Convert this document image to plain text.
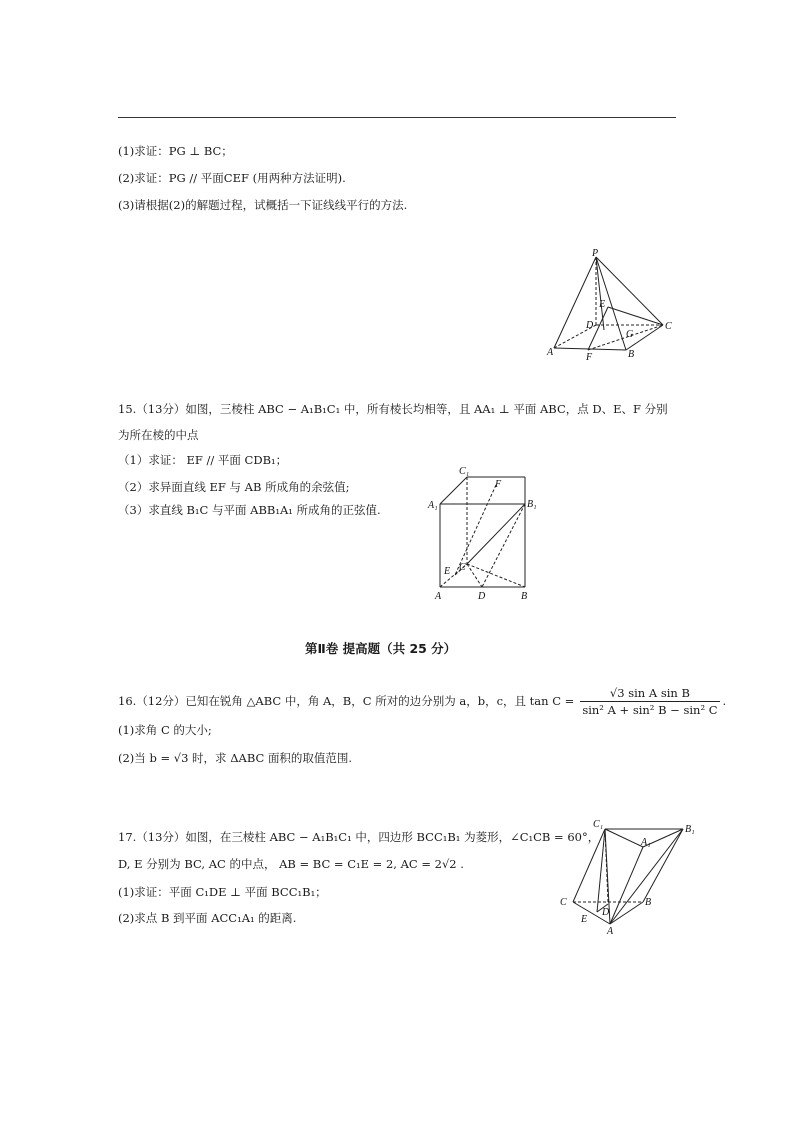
(1)求证：PG ⊥ BC；
(2)求证：PG // 平面CEF (用两种方法证明).
(3)请根据(2)的解题过程，试概括一下证线线平行的方法.
P
E
D
G
C
A	F	B
15.（13分）如图，三棱柱 ABC − A₁B₁C₁ 中，所有棱长均相等，且 AA₁ ⊥ 平面 ABC，点 D、E、F 分别
为所在棱的中点
（1）求证： EF // 平面 CDB₁；
（2）求异面直线 EF 与 AB 所成角的余弦值;
（3）求直线 B₁C 与平面 ABB₁A₁ 所成角的正弦值.
C₁
F
A₁	B₁
E C
A	D	B
第Ⅱ卷 提高题（共 25 分）
16.（12分）已知在锐角 △ABC 中，角 A，B，C 所对的边分别为 a，b，c，且 $\tan C = \frac{\text{√3 sin A sin B}}{\text{sin² A + sin² B − sin² C}}$ .
(1)求角 C 的大小;
(2)当 b = √3 时，求 ΔABC 面积的取值范围.
17.（13分）如图，在三棱柱 ABC − A₁B₁C₁ 中，四边形 BCC₁B₁ 为菱形，∠C₁CB = 60°，
D, E 分别为 BC, AC 的中点， AB = BC = C₁E = 2, AC = 2√2 .
(1)求证：平面 C₁DE ⊥ 平面 BCC₁B₁；
(2)求点 B 到平面 ACC₁A₁ 的距离.
C₁
A₁
B₁
C
D
B
E
A
